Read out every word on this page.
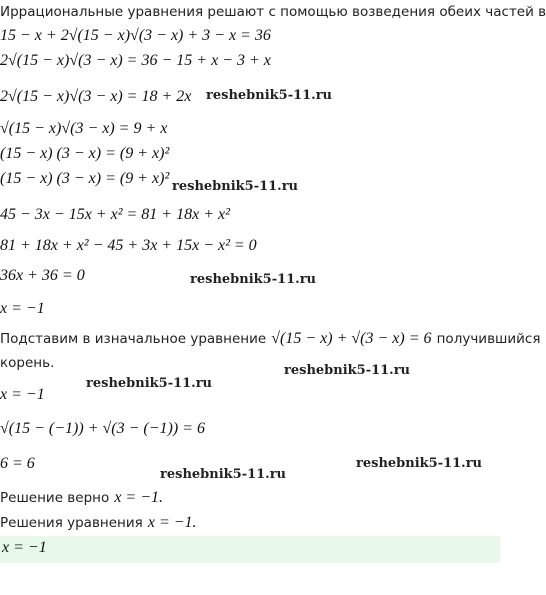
Иррациональные уравнения решают с помощью возведения обеих частей в
15 − x + 2√(15 − x)√(3 − x) + 3 − x = 36
2√(15 − x)√(3 − x) = 36 − 15 + x − 3 + x
2√(15 − x)√(3 − x) = 18 + 2x
√(15 − x)√(3 − x) = 9 + x
(15 − x) (3 − x) = (9 + x)²
(15 − x) (3 − x) = (9 + x)²
45 − 3x − 15x + x² = 81 + 18x + x²
81 + 18x + x² − 45 + 3x + 15x − x² = 0
36x + 36 = 0
x = −1
Подставим в изначальное уравнение √(15 − x) + √(3 − x) = 6 получившийся
корень.
x = −1
√(15 − (−1)) + √(3 − (−1)) = 6
6 = 6
Решение верно x = −1.
Решения уравнения x = −1.
x = −1
reshebnik5-11.ru
reshebnik5-11.ru
reshebnik5-11.ru
reshebnik5-11.ru
reshebnik5-11.ru
reshebnik5-11.ru
reshebnik5-11.ru
